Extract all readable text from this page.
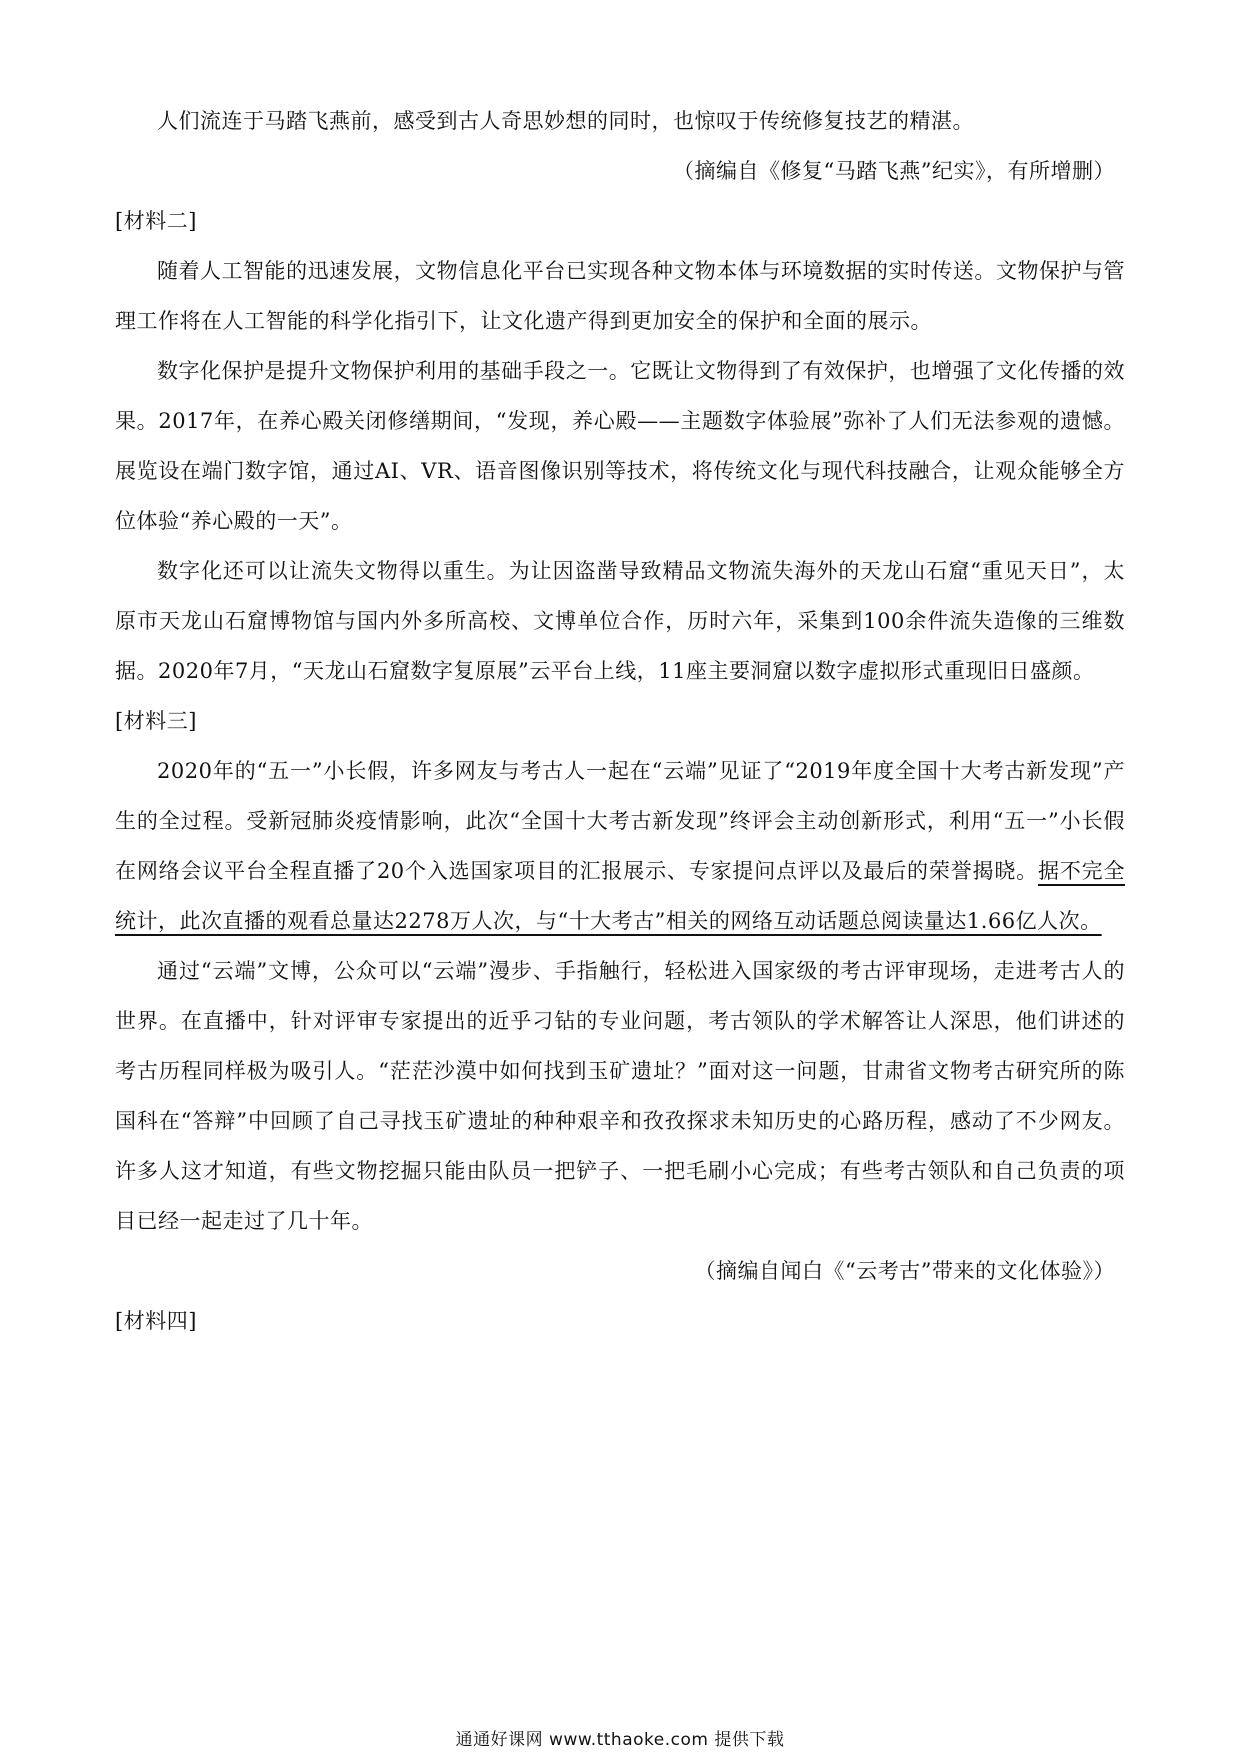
人们流连于马踏飞燕前，感受到古人奇思妙想的同时，也惊叹于传统修复技艺的精湛。

（摘编自《修复“马踏飞燕”纪实》，有所增删）

[材料二]

随着人工智能的迅速发展，文物信息化平台已实现各种文物本体与环境数据的实时传送。文物保护与管理工作将在人工智能的科学化指引下，让文化遗产得到更加安全的保护和全面的展示。

数字化保护是提升文物保护利用的基础手段之一。它既让文物得到了有效保护，也增强了文化传播的效果。2017年，在养心殿关闭修缮期间，“发现，养心殿——主题数字体验展”弥补了人们无法参观的遗憾。展览设在端门数字馆，通过AI、VR、语音图像识别等技术，将传统文化与现代科技融合，让观众能够全方位体验“养心殿的一天”。

数字化还可以让流失文物得以重生。为让因盗凿导致精品文物流失海外的天龙山石窟“重见天日”，太原市天龙山石窟博物馆与国内外多所高校、文博单位合作，历时六年，采集到100余件流失造像的三维数据。2020年7月，“天龙山石窟数字复原展”云平台上线，11座主要洞窟以数字虚拟形式重现旧日盛颜。

[材料三]

2020年的“五一”小长假，许多网友与考古人一起在“云端”见证了“2019年度全国十大考古新发现”产生的全过程。受新冠肺炎疫情影响，此次“全国十大考古新发现”终评会主动创新形式，利用“五一”小长假在网络会议平台全程直播了20个入选国家项目的汇报展示、专家提问点评以及最后的荣誉揭晓。据不完全统计，此次直播的观看总量达2278万人次，与“十大考古”相关的网络互动话题总阅读量达1.66亿人次。

通过“云端”文博，公众可以“云端”漫步、手指触行，轻松进入国家级的考古评审现场，走进考古人的世界。在直播中，针对评审专家提出的近乎刁钻的专业问题，考古领队的学术解答让人深思，他们讲述的考古历程同样极为吸引人。“茫茫沙漠中如何找到玉矿遗址？”面对这一问题，甘肃省文物考古研究所的陈国科在“答辩”中回顾了自己寻找玉矿遗址的种种艰辛和孜孜探求未知历史的心路历程，感动了不少网友。许多人这才知道，有些文物挖掘只能由队员一把铲子、一把毛刷小心完成；有些考古领队和自己负责的项目已经一起走过了几十年。

（摘编自闻白《“云考古”带来的文化体验》）

[材料四]

通通好课网 www.tthaoke.com 提供下载
